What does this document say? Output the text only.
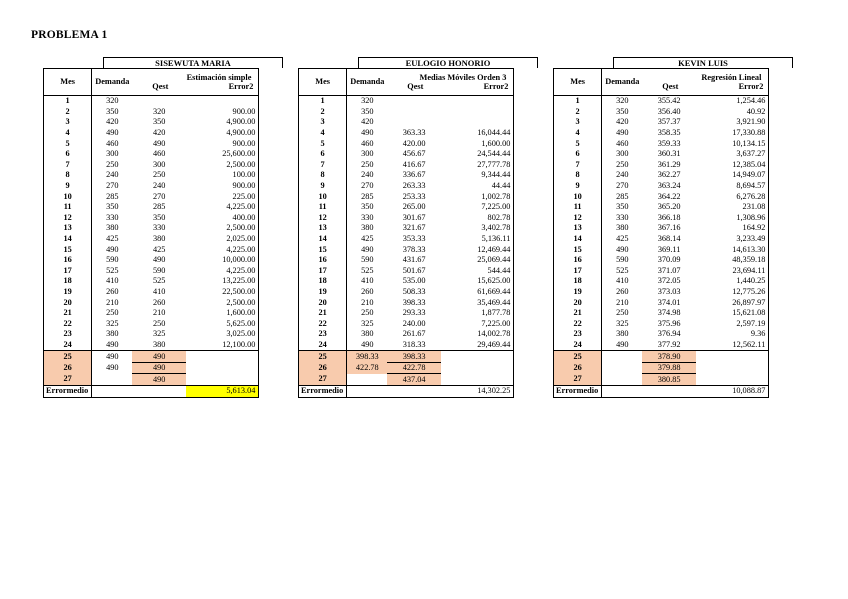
PROBLEMA 1
SISEWUTA MARIA
Mes	Demanda	Estimación simple
Qest Error2	

1	320		
2	350	320	900.00
3	420	350	4,900.00
4	490	420	4,900.00
5	460	490	900.00
6	300	460	25,600.00
7	250	300	2,500.00
8	240	250	100.00
9	270	240	900.00
10	285	270	225.00
11	350	285	4,225.00
12	330	350	400.00
13	380	330	2,500.00
14	425	380	2,025.00
15	490	425	4,225.00
16	590	490	10,000.00
17	525	590	4,225.00
18	410	525	13,225.00
19	260	410	22,500.00
20	210	260	2,500.00
21	250	210	1,600.00
22	325	250	5,625.00
23	380	325	3,025.00
24	490	380	12,100.00
25	490	490	
26	490	490	
27		490	
Errormedio			5,613.04
EULOGIO HONORIO
Mes	Demanda	Medias Móviles Orden 3
Qest Error2	

1	320		
2	350		
3	420		
4	490	363.33	16,044.44
5	460	420.00	1,600.00
6	300	456.67	24,544.44
7	250	416.67	27,777.78
8	240	336.67	9,344.44
9	270	263.33	44.44
10	285	253.33	1,002.78
11	350	265.00	7,225.00
12	330	301.67	802.78
13	380	321.67	3,402.78
14	425	353.33	5,136.11
15	490	378.33	12,469.44
16	590	431.67	25,069.44
17	525	501.67	544.44
18	410	535.00	15,625.00
19	260	508.33	61,669.44
20	210	398.33	35,469.44
21	250	293.33	1,877.78
22	325	240.00	7,225.00
23	380	261.67	14,002.78
24	490	318.33	29,469.44
25	398.33	398.33	
26	422.78	422.78	
27		437.04	
Errormedio			14,302.25
KEVIN LUIS
Mes	Demanda	Regresión Lineal
Qest Error2	

1	320	355.42	1,254.46
2	350	356.40	40.92
3	420	357.37	3,921.90
4	490	358.35	17,330.88
5	460	359.33	10,134.15
6	300	360.31	3,637.27
7	250	361.29	12,385.04
8	240	362.27	14,949.07
9	270	363.24	8,694.57
10	285	364.22	6,276.28
11	350	365.20	231.08
12	330	366.18	1,308.96
13	380	367.16	164.92
14	425	368.14	3,233.49
15	490	369.11	14,613.30
16	590	370.09	48,359.18
17	525	371.07	23,694.11
18	410	372.05	1,440.25
19	260	373.03	12,775.26
20	210	374.01	26,897.97
21	250	374.98	15,621.08
22	325	375.96	2,597.19
23	380	376.94	9.36
24	490	377.92	12,562.11
25		378.90	
26		379.88	
27		380.85	
Errormedio			10,088.87
